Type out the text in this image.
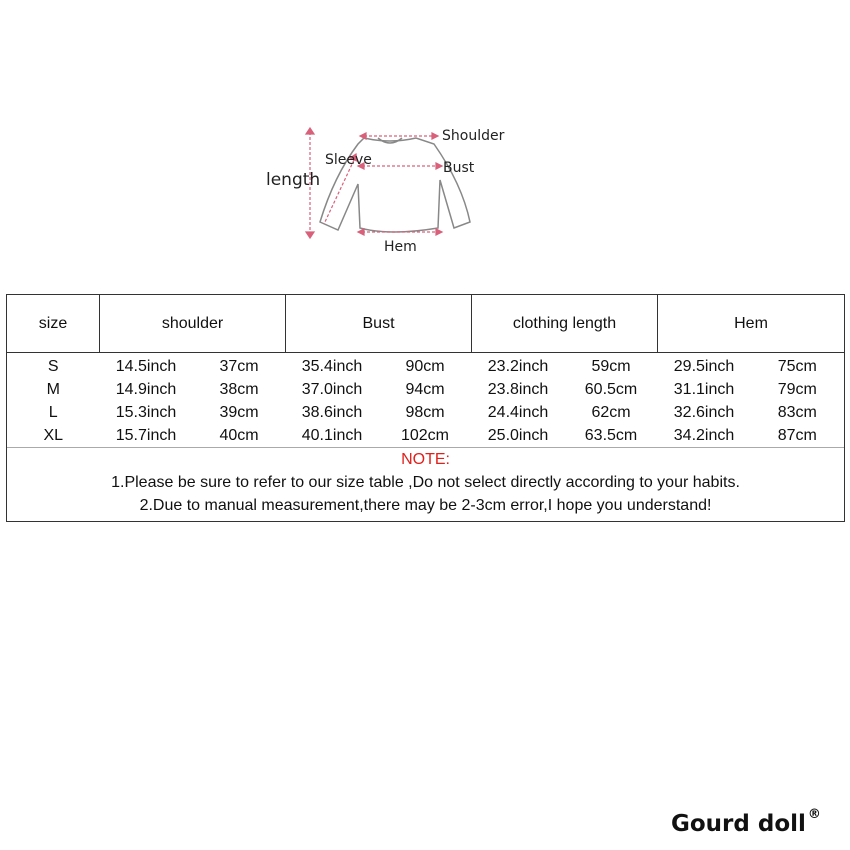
Shoulder
Sleeve	Bust
length
Hem
size	shoulder		Bust		clothing length		Hem	
S	14.5inch	37cm	35.4inch	90cm	23.2inch	59cm	29.5inch	75cm
M	14.9inch	38cm	37.0inch	94cm	23.8inch	60.5cm	31.1inch	79cm
L	15.3inch	39cm	38.6inch	98cm	24.4inch	62cm	32.6inch	83cm
XL	15.7inch	40cm	40.1inch	102cm	25.0inch	63.5cm	34.2inch	87cm

NOTE:
1.Please be sure to refer to our size table ,Do not select directly according to your habits.
2.Due to manual measurement,there may be 2-3cm error,I hope you understand!								
Gourd doll ®
